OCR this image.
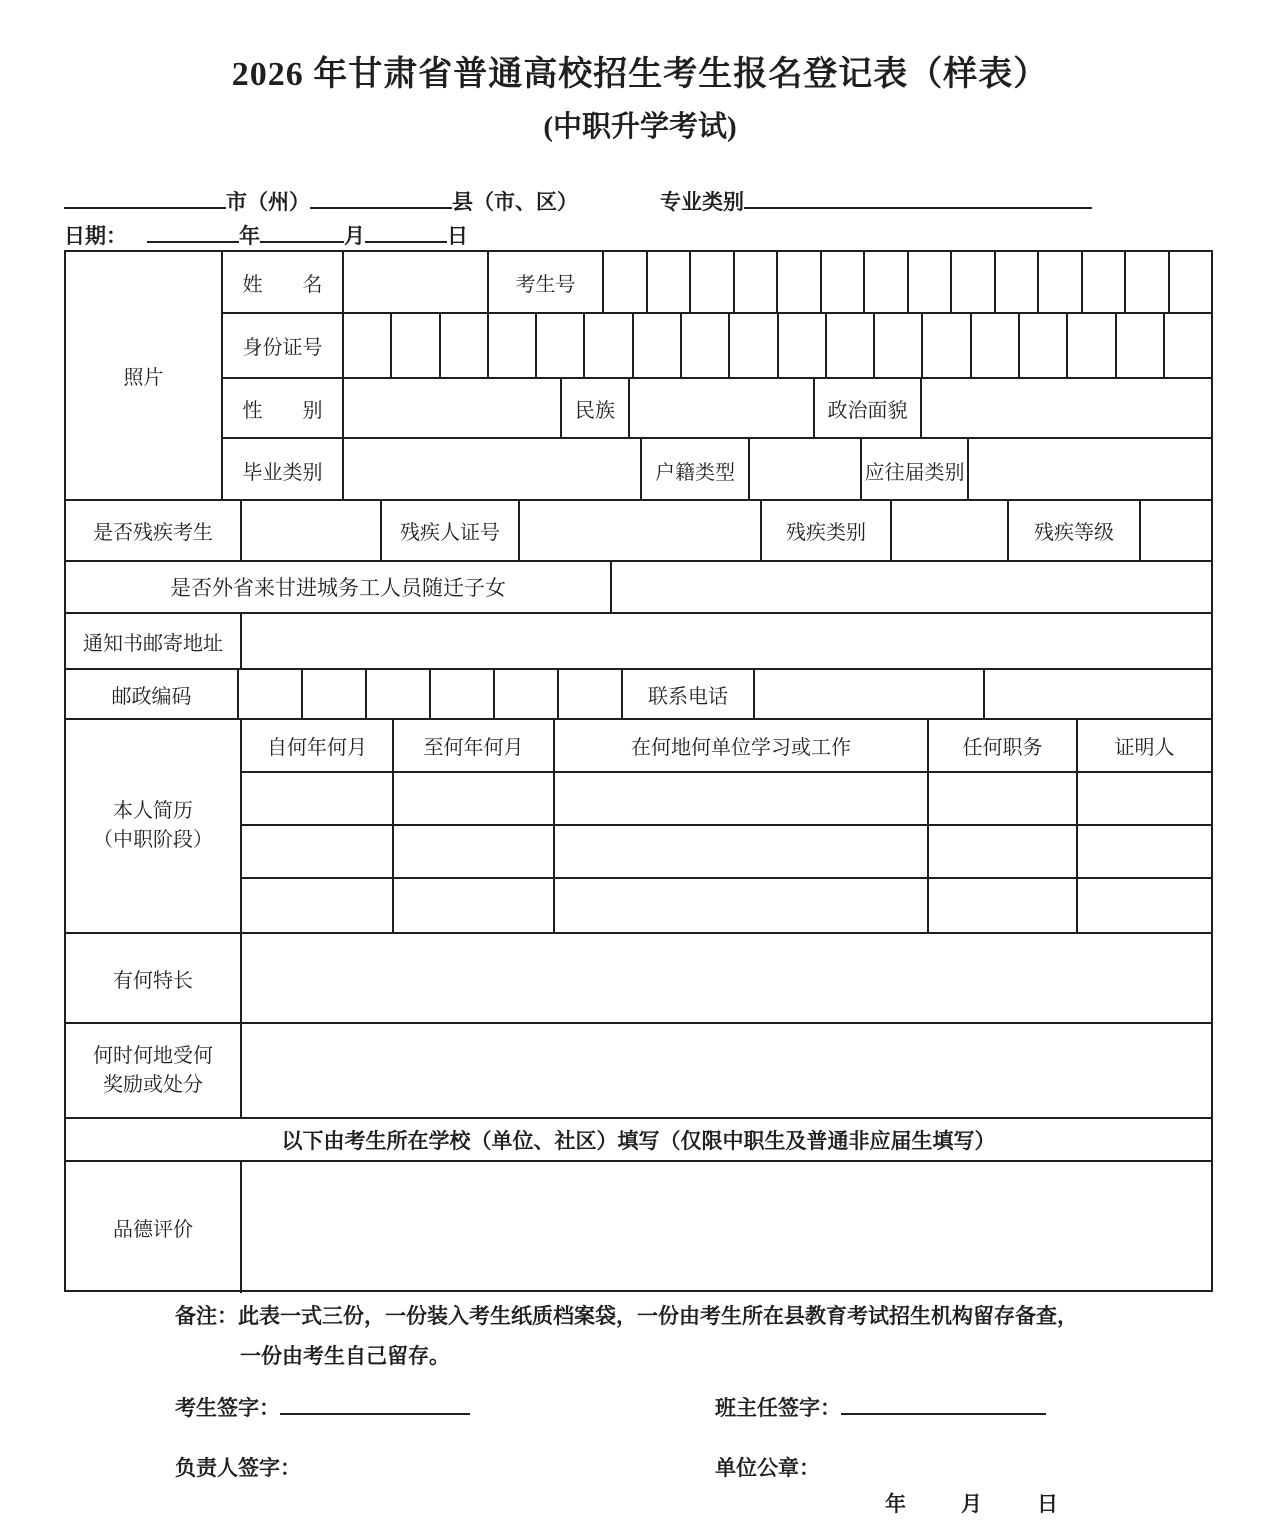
2026 年甘肃省普通高校招生考生报名登记表（样表）
(中职升学考试)
市（州）	县（市、区）	专业类别
日期：	年	月	日
照片
姓　　名	考生号
身份证号
性　　别	民族	政治面貌
毕业类别	户籍类型	应往届类别
是否残疾考生	残疾人证号	残疾类别	残疾等级
是否外省来甘进城务工人员随迁子女
通知书邮寄地址
邮政编码	联系电话
本人简历
（中职阶段）
自何年何月	至何年何月	在何地何单位学习或工作	任何职务	证明人
有何特长
何时何地受何
奖励或处分
以下由考生所在学校（单位、社区）填写（仅限中职生及普通非应届生填写）
品德评价
备注：此表一式三份，一份装入考生纸质档案袋，一份由考生所在县教育考试招生机构留存备查，
一份由考生自己留存。
考生签字：	班主任签字：
负责人签字：	单位公章：
年	月	日
